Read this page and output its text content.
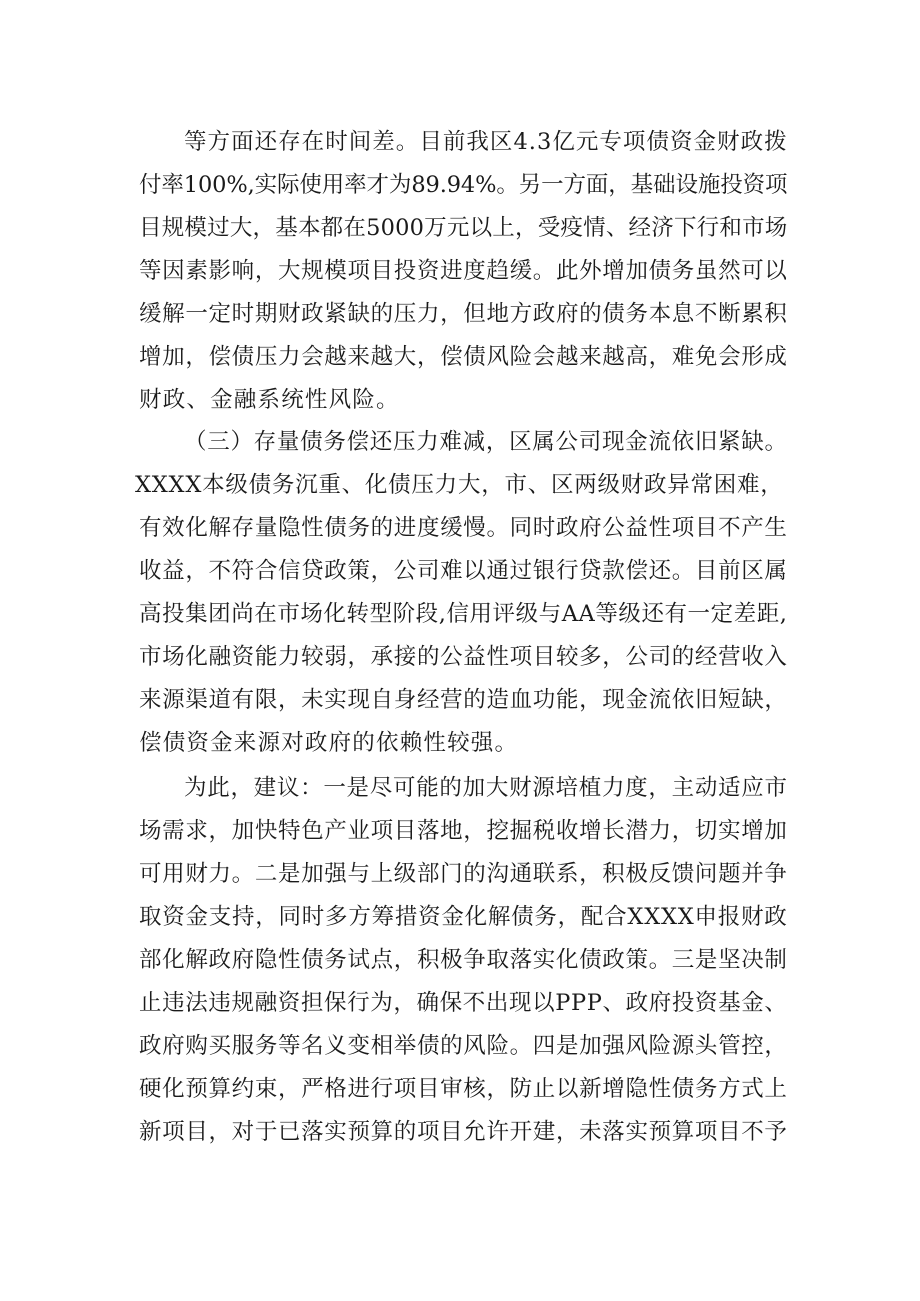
等方面还存在时间差。目前我区4.3亿元专项债资金财政拨
付率100%,实际使用率才为89.94%。另一方面，基础设施投资项
目规模过大，基本都在5000万元以上，受疫情、经济下行和市场
等因素影响，大规模项目投资进度趋缓。此外增加债务虽然可以
缓解一定时期财政紧缺的压力，但地方政府的债务本息不断累积
增加，偿债压力会越来越大，偿债风险会越来越高，难免会形成
财政、金融系统性风险。
（三）存量债务偿还压力难减，区属公司现金流依旧紧缺。
XXXX本级债务沉重、化债压力大，市、区两级财政异常困难，
有效化解存量隐性债务的进度缓慢。同时政府公益性项目不产生
收益，不符合信贷政策，公司难以通过银行贷款偿还。目前区属
高投集团尚在市场化转型阶段,信用评级与AA等级还有一定差距,
市场化融资能力较弱，承接的公益性项目较多，公司的经营收入
来源渠道有限，未实现自身经营的造血功能，现金流依旧短缺，
偿债资金来源对政府的依赖性较强。
为此，建议：一是尽可能的加大财源培植力度，主动适应市
场需求，加快特色产业项目落地，挖掘税收增长潜力，切实增加
可用财力。二是加强与上级部门的沟通联系，积极反馈问题并争
取资金支持，同时多方筹措资金化解债务，配合XXXX申报财政
部化解政府隐性债务试点，积极争取落实化债政策。三是坚决制
止违法违规融资担保行为，确保不出现以PPP、政府投资基金、
政府购买服务等名义变相举债的风险。四是加强风险源头管控，
硬化预算约束，严格进行项目审核，防止以新增隐性债务方式上
新项目，对于已落实预算的项目允许开建，未落实预算项目不予
